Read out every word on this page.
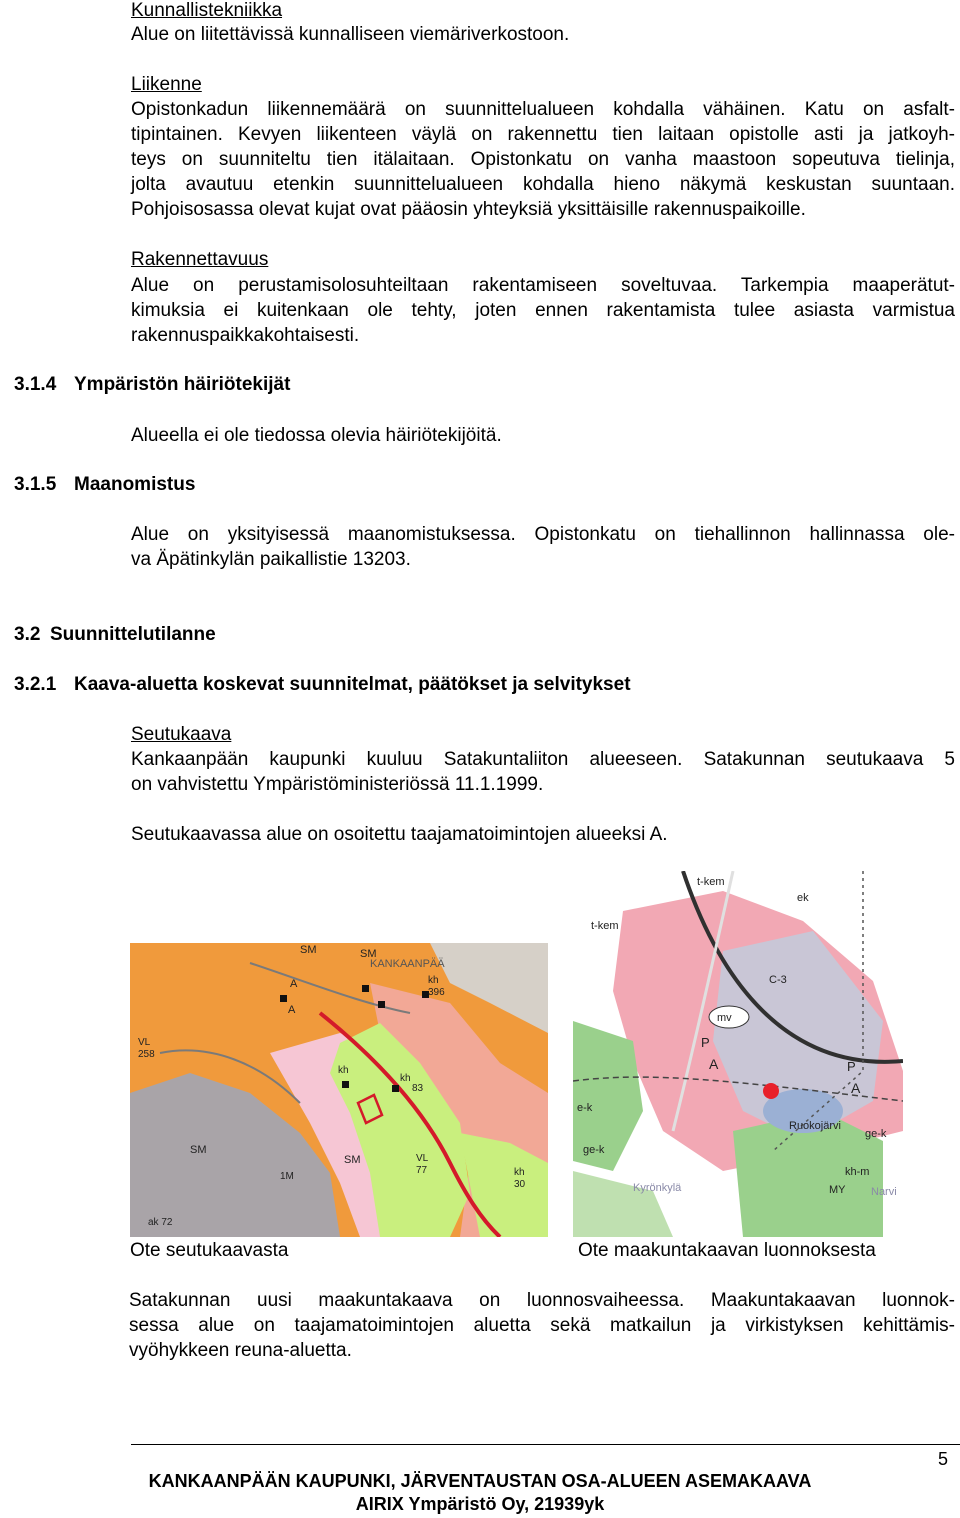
Kunnallistekniikka
Alue on liitettävissä kunnalliseen viemäriverkostoon.
Liikenne
Opistonkadun liikennemäärä on suunnittelualueen kohdalla vähäinen. Katu on asfalt-
tipintainen. Kevyen liikenteen väylä on rakennettu tien laitaan opistolle asti ja jatkoyh-
teys on suunniteltu tien itälaitaan. Opistonkatu on vanha maastoon sopeutuva tielinja,
jolta avautuu etenkin suunnittelualueen kohdalla hieno näkymä keskustan suuntaan.
Pohjoisosassa olevat kujat ovat pääosin yhteyksiä yksittäisille rakennuspaikoille.
Rakennettavuus
Alue on perustamisolosuhteiltaan rakentamiseen soveltuvaa. Tarkempia maaperätut-
kimuksia ei kuitenkaan ole tehty, joten ennen rakentamista tulee asiasta varmistua
rakennuspaikkakohtaisesti.
3.1.4 Ympäristön häiriötekijät
Alueella ei ole tiedossa olevia häiriötekijöitä.
3.1.5 Maanomistus
Alue on yksityisessä maanomistuksessa. Opistonkatu on tiehallinnon hallinnassa ole-
va Äpätinkylän paikallistie 13203.
3.2 Suunnittelutilanne
3.2.1 Kaava-aluetta koskevat suunnitelmat, päätökset ja selvitykset
Seutukaava
Kankaanpään kaupunki kuuluu Satakuntaliiton alueeseen. Satakunnan seutukaava 5
on vahvistettu Ympäristöministeriössä 11.1.1999.
Seutukaavassa alue on osoitettu taajamatoimintojen alueeksi A.
KANKAANPÄÄ
SM	SM
A
A
kh
396
kh
83
kh
VL
258
VL
77
SM
kh
30
ak 72
SM
1M
t-kem
t-kem
mv
C-3
P
A	P
A
e-k
ge-k
Ruokojärvi
ge-k
kh-m
MY
Kyrönkylä	Narvi
ek
Ote seutukaavasta	Ote maakuntakaavan luonnoksesta
Satakunnan uusi maakuntakaava on luonnosvaiheessa. Maakuntakaavan luonnok-
sessa alue on taajamatoimintojen aluetta sekä matkailun ja virkistyksen kehittämis-
vyöhykkeen reuna-aluetta.
5
KANKAANPÄÄN KAUPUNKI, JÄRVENTAUSTAN OSA-ALUEEN ASEMAKAAVA
AIRIX Ympäristö Oy, 21939yk
